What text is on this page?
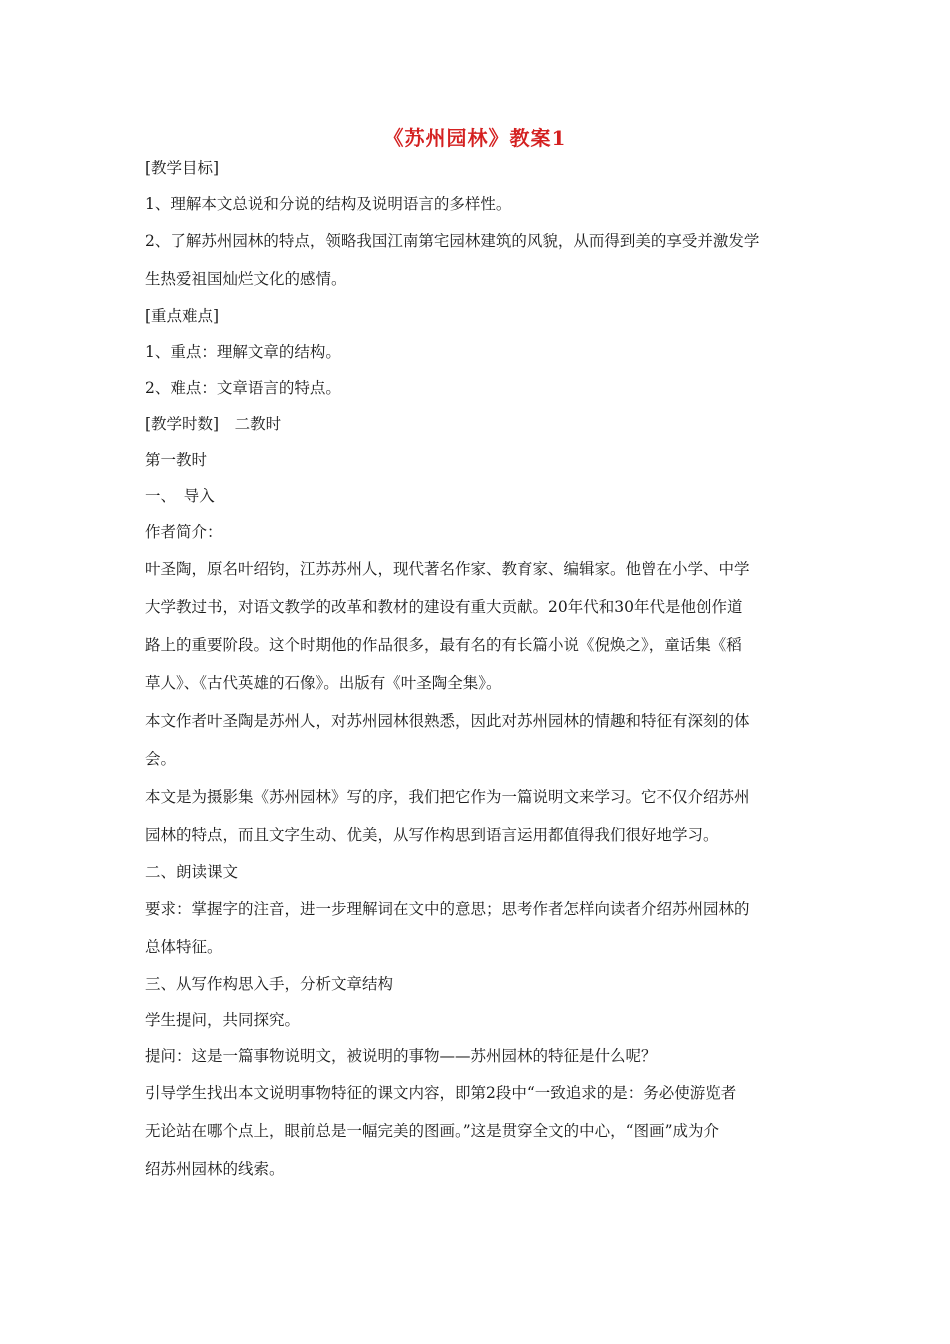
《苏州园林》教案1
[教学目标]
1、理解本文总说和分说的结构及说明语言的多样性。
2、了解苏州园林的特点，领略我国江南第宅园林建筑的风貌，从而得到美的享受并激发学
生热爱祖国灿烂文化的感情。
[重点难点]
1、重点：理解文章的结构。
2、难点：文章语言的特点。
[教学时数]　二教时
第一教时
一、　导入
作者简介：
叶圣陶，原名叶绍钧，江苏苏州人，现代著名作家、教育家、编辑家。他曾在小学、中学
大学教过书，对语文教学的改革和教材的建设有重大贡献。20年代和30年代是他创作道
路上的重要阶段。这个时期他的作品很多，最有名的有长篇小说《倪焕之》，童话集《稻
草人》、《古代英雄的石像》。出版有《叶圣陶全集》。
本文作者叶圣陶是苏州人，对苏州园林很熟悉，因此对苏州园林的情趣和特征有深刻的体
会。
本文是为摄影集《苏州园林》写的序，我们把它作为一篇说明文来学习。它不仅介绍苏州
园林的特点，而且文字生动、优美，从写作构思到语言运用都值得我们很好地学习。
二、朗读课文
要求：掌握字的注音，进一步理解词在文中的意思；思考作者怎样向读者介绍苏州园林的
总体特征。
三、从写作构思入手，分析文章结构
学生提问，共同探究。
提问：这是一篇事物说明文，被说明的事物——苏州园林的特征是什么呢？
引导学生找出本文说明事物特征的课文内容，即第2段中“一致追求的是：务必使游览者
无论站在哪个点上，眼前总是一幅完美的图画。”这是贯穿全文的中心，“图画”成为介
绍苏州园林的线索。
